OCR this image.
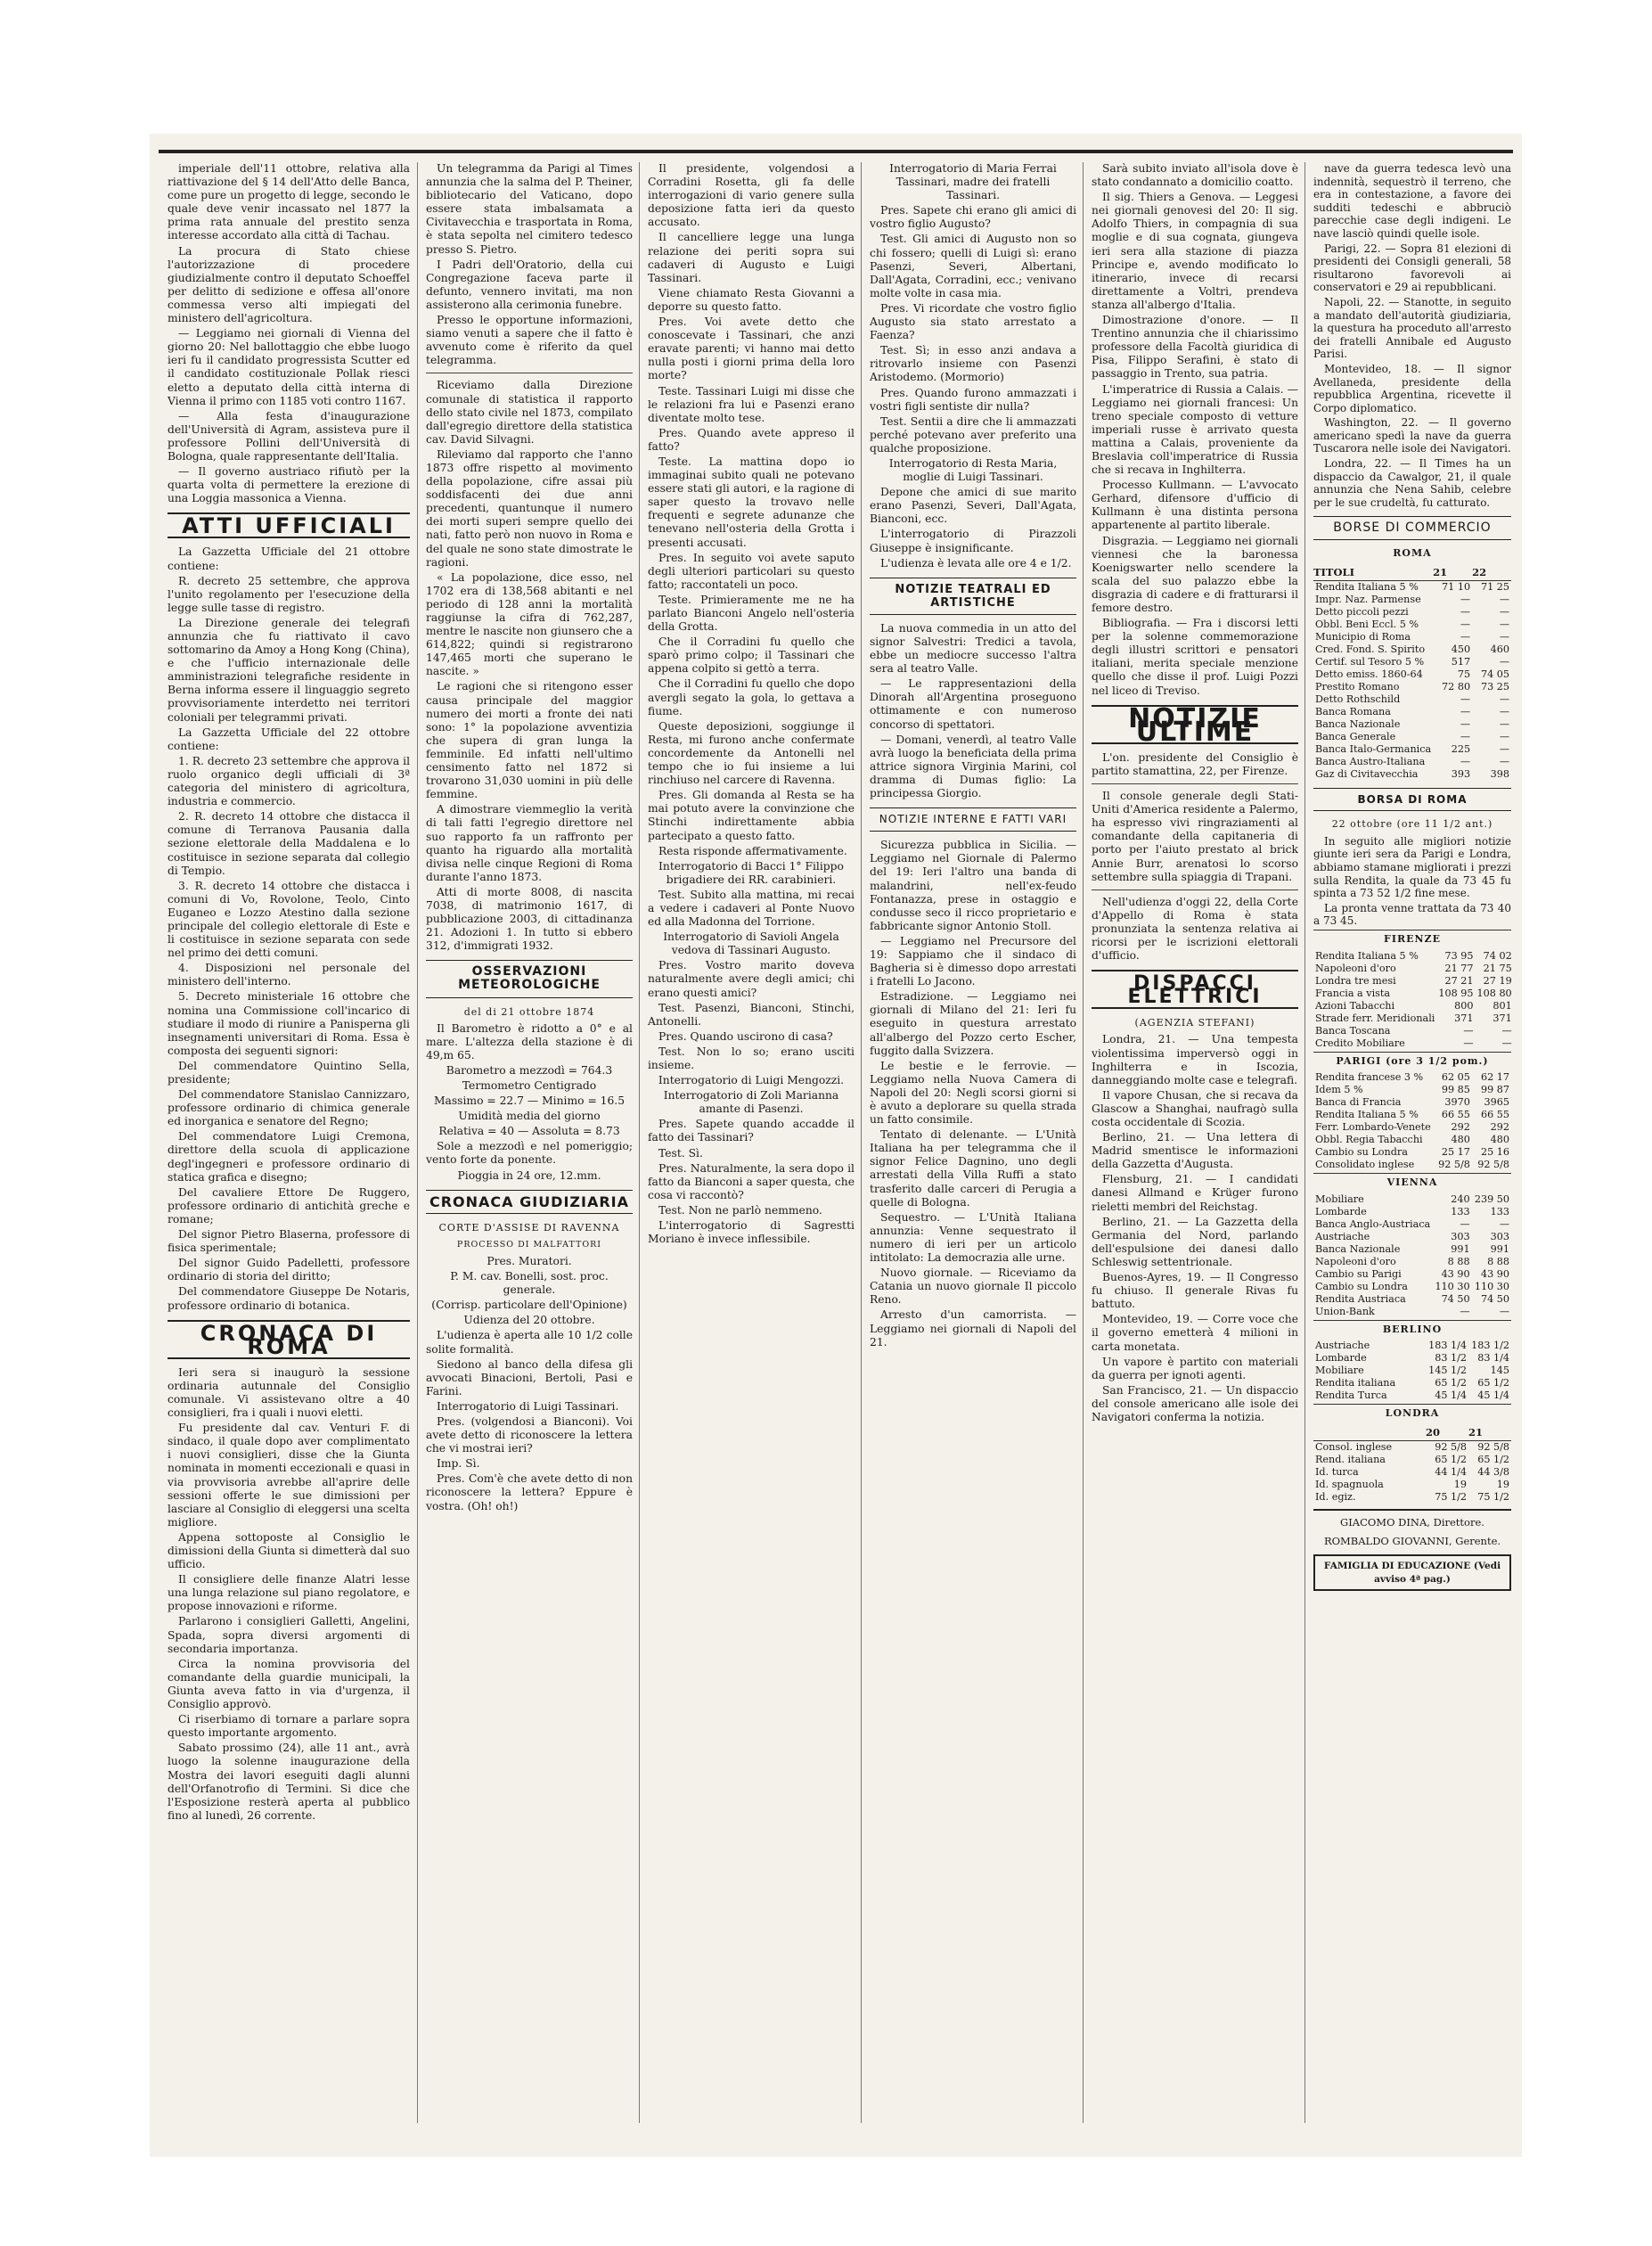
imperiale dell'11 ottobre, relativa alla riattivazione del § 14 dell'Atto delle Banca, come pure un progetto di legge, secondo le quale deve venir incassato nel 1877 la prima rata annuale del prestito senza interesse accordato alla città di Tachau.

La procura di Stato chiese l'autorizzazione di procedere giudizialmente contro il deputato Schoeffel per delitto di sedizione e offesa all'onore commessa verso alti impiegati del ministero dell'agricoltura.

— Leggiamo nei giornali di Vienna del giorno 20: Nel ballottaggio che ebbe luogo ieri fu il candidato progressista Scutter ed il candidato costituzionale Pollak riesci eletto a deputato della città interna di Vienna il primo con 1185 voti contro 1167.

— Alla festa d'inaugurazione dell'Università di Agram, assisteva pure il professore Pollini dell'Università di Bologna, quale rappresentante dell'Italia.

— Il governo austriaco rifiutò per la quarta volta di permettere la erezione di una Loggia massonica a Vienna.

ATTI UFFICIALI

La Gazzetta Ufficiale del 21 ottobre contiene:

R. decreto 25 settembre, che approva l'unito regolamento per l'esecuzione della legge sulle tasse di registro.

La Direzione generale dei telegrafi annunzia che fu riattivato il cavo sottomarino da Amoy a Hong Kong (China), e che l'ufficio internazionale delle amministrazioni telegrafiche residente in Berna informa essere il linguaggio segreto provvisoriamente interdetto nei territori coloniali per telegrammi privati.

La Gazzetta Ufficiale del 22 ottobre contiene:

1. R. decreto 23 settembre che approva il ruolo organico degli ufficiali di 3ª categoria del ministero di agricoltura, industria e commercio.

2. R. decreto 14 ottobre che distacca il comune di Terranova Pausania dalla sezione elettorale della Maddalena e lo costituisce in sezione separata dal collegio di Tempio.

3. R. decreto 14 ottobre che distacca i comuni di Vo, Rovolone, Teolo, Cinto Euganeo e Lozzo Atestino dalla sezione principale del collegio elettorale di Este e li costituisce in sezione separata con sede nel primo dei detti comuni.

4. Disposizioni nel personale del ministero dell'interno.

5. Decreto ministeriale 16 ottobre che nomina una Commissione coll'incarico di studiare il modo di riunire a Panisperna gli insegnamenti universitari di Roma. Essa è composta dei seguenti signori:

Del commendatore Quintino Sella, presidente;

Del commendatore Stanislao Cannizzaro, professore ordinario di chimica generale ed inorganica e senatore del Regno;

Del commendatore Luigi Cremona, direttore della scuola di applicazione degl'ingegneri e professore ordinario di statica grafica e disegno;

Del cavaliere Ettore De Ruggero, professore ordinario di antichità greche e romane;

Del signor Pietro Blaserna, professore di fisica sperimentale;

Del signor Guido Padelletti, professore ordinario di storia del diritto;

Del commendatore Giuseppe De Notaris, professore ordinario di botanica.

CRONACA DI ROMA

Ieri sera si inaugurò la sessione ordinaria autunnale del Consiglio comunale. Vi assistevano oltre a 40 consiglieri, fra i quali i nuovi eletti.

Fu presidente dal cav. Venturi F. di sindaco, il quale dopo aver complimentato i nuovi consiglieri, disse che la Giunta nominata in momenti eccezionali e quasi in via provvisoria avrebbe all'aprire delle sessioni offerte le sue dimissioni per lasciare al Consiglio di eleggersi una scelta migliore.

Appena sottoposte al Consiglio le dimissioni della Giunta si dimetterà dal suo ufficio.

Il consigliere delle finanze Alatri lesse una lunga relazione sul piano regolatore, e propose innovazioni e riforme.

Parlarono i consiglieri Galletti, Angelini, Spada, sopra diversi argomenti di secondaria importanza.

Circa la nomina provvisoria del comandante della guardie municipali, la Giunta aveva fatto in via d'urgenza, il Consiglio approvò.

Ci riserbiamo di tornare a parlare sopra questo importante argomento.

Sabato prossimo (24), alle 11 ant., avrà luogo la solenne inaugurazione della Mostra dei lavori eseguiti dagli alunni dell'Orfanotrofio di Termini. Si dice che l'Esposizione resterà aperta al pubblico fino al lunedì, 26 corrente.

Un telegramma da Parigi al Times annunzia che la salma del P. Theiner, bibliotecario del Vaticano, dopo essere stata imbalsamata a Civitavecchia e trasportata in Roma, è stata sepolta nel cimitero tedesco presso S. Pietro.

I Padri dell'Oratorio, della cui Congregazione faceva parte il defunto, vennero invitati, ma non assisterono alla cerimonia funebre.

Presso le opportune informazioni, siamo venuti a sapere che il fatto è avvenuto come è riferito da quel telegramma.

Riceviamo dalla Direzione comunale di statistica il rapporto dello stato civile nel 1873, compilato dall'egregio direttore della statistica cav. David Silvagni.

Rileviamo dal rapporto che l'anno 1873 offre rispetto al movimento della popolazione, cifre assai più soddisfacenti dei due anni precedenti, quantunque il numero dei morti superi sempre quello dei nati, fatto però non nuovo in Roma e del quale ne sono state dimostrate le ragioni.

« La popolazione, dice esso, nel 1702 era di 138,568 abitanti e nel periodo di 128 anni la mortalità raggiunse la cifra di 762,287, mentre le nascite non giunsero che a 614,822; quindi si registrarono 147,465 morti che superano le nascite. »

Le ragioni che si ritengono esser causa principale del maggior numero dei morti a fronte dei nati sono: 1° la popolazione avventizia che supera di gran lunga la femminile. Ed infatti nell'ultimo censimento fatto nel 1872 si trovarono 31,030 uomini in più delle femmine.

A dimostrare viemmeglio la verità di tali fatti l'egregio direttore nel suo rapporto fa un raffronto per quanto ha riguardo alla mortalità divisa nelle cinque Regioni di Roma durante l'anno 1873.

Atti di morte 8008, di nascita 7038, di matrimonio 1617, di pubblicazione 2003, di cittadinanza 21. Adozioni 1. In tutto si ebbero 312, d'immigrati 1932.

OSSERVAZIONI METEOROLOGICHE
del di 21 ottobre 1874

Il Barometro è ridotto a 0° e al mare. L'altezza della stazione è di 49,m 65.

Barometro a mezzodì = 764.3

Termometro Centigrado

Massimo = 22.7 — Minimo = 16.5

Umidità media del giorno

Relativa = 40 — Assoluta = 8.73

Sole a mezzodì e nel pomeriggio; vento forte da ponente.

Pioggia in 24 ore, 12.mm.

CRONACA GIUDIZIARIA
CORTE D'ASSISE DI RAVENNA
PROCESSO DI MALFATTORI

Pres. Muratori.

P. M. cav. Bonelli, sost. proc. generale.

(Corrisp. particolare dell'Opinione)

Udienza del 20 ottobre.

L'udienza è aperta alle 10 1/2 colle solite formalità.

Siedono al banco della difesa gli avvocati Binacioni, Bertoli, Pasi e Farini.

Interrogatorio di Luigi Tassinari.

Pres. (volgendosi a Bianconi). Voi avete detto di riconoscere la lettera che vi mostrai ieri?

Imp. Sì.

Pres. Com'è che avete detto di non riconoscere la lettera? Eppure è vostra. (Oh! oh!)

Il presidente, volgendosi a Corradini Rosetta, gli fa delle interrogazioni di vario genere sulla deposizione fatta ieri da questo accusato.

Il cancelliere legge una lunga relazione dei periti sopra sui cadaveri di Augusto e Luigi Tassinari.

Viene chiamato Resta Giovanni a deporre su questo fatto.

Pres. Voi avete detto che conoscevate i Tassinari, che anzi eravate parenti; vi hanno mai detto nulla posti i giorni prima della loro morte?

Teste. Tassinari Luigi mi disse che le relazioni fra lui e Pasenzi erano diventate molto tese.

Pres. Quando avete appreso il fatto?

Teste. La mattina dopo io immaginai subito quali ne potevano essere stati gli autori, e la ragione di saper questo la trovavo nelle frequenti e segrete adunanze che tenevano nell'osteria della Grotta i presenti accusati.

Pres. In seguito voi avete saputo degli ulteriori particolari su questo fatto; raccontateli un poco.

Teste. Primieramente me ne ha parlato Bianconi Angelo nell'osteria della Grotta.

Che il Corradini fu quello che sparò primo colpo; il Tassinari che appena colpito si gettò a terra.

Che il Corradini fu quello che dopo avergli segato la gola, lo gettava a fiume.

Queste deposizioni, soggiunge il Resta, mi furono anche confermate concordemente da Antonelli nel tempo che io fui insieme a lui rinchiuso nel carcere di Ravenna.

Pres. Gli domanda al Resta se ha mai potuto avere la convinzione che Stinchi indirettamente abbia partecipato a questo fatto.

Resta risponde affermativamente.

Interrogatorio di Bacci 1° Filippo brigadiere dei RR. carabinieri.

Test. Subito alla mattina, mi recai a vedere i cadaveri al Ponte Nuovo ed alla Madonna del Torrione.

Interrogatorio di Savioli Angela vedova di Tassinari Augusto.

Pres. Vostro marito doveva naturalmente avere degli amici; chi erano questi amici?

Test. Pasenzi, Bianconi, Stinchi, Antonelli.

Pres. Quando uscirono di casa?

Test. Non lo so; erano usciti insieme.

Interrogatorio di Luigi Mengozzi.

Interrogatorio di Zoli Marianna amante di Pasenzi.

Pres. Sapete quando accadde il fatto dei Tassinari?

Test. Sì.

Pres. Naturalmente, la sera dopo il fatto da Bianconi a saper questa, che cosa vi raccontò?

Test. Non ne parlò nemmeno.

L'interrogatorio di Sagrestti Moriano è invece inflessibile.

Interrogatorio di Maria Ferrai Tassinari, madre dei fratelli Tassinari.

Pres. Sapete chi erano gli amici di vostro figlio Augusto?

Test. Gli amici di Augusto non so chi fossero; quelli di Luigi sì: erano Pasenzi, Severi, Albertani, Dall'Agata, Corradini, ecc.; venivano molte volte in casa mia.

Pres. Vi ricordate che vostro figlio Augusto sia stato arrestato a Faenza?

Test. Sì; in esso anzi andava a ritrovarlo insieme con Pasenzi Aristodemo. (Mormorio)

Pres. Quando furono ammazzati i vostri figli sentiste dir nulla?

Test. Sentii a dire che li ammazzati perché potevano aver preferito una qualche proposizione.

Interrogatorio di Resta Maria, moglie di Luigi Tassinari.

Depone che amici di sue marito erano Pasenzi, Severi, Dall'Agata, Bianconi, ecc.

L'interrogatorio di Pirazzoli Giuseppe è insignificante.

L'udienza è levata alle ore 4 e 1/2.

NOTIZIE TEATRALI ED ARTISTICHE

La nuova commedia in un atto del signor Salvestri: Tredici a tavola, ebbe un mediocre successo l'altra sera al teatro Valle.

— Le rappresentazioni della Dinorah all'Argentina proseguono ottimamente e con numeroso concorso di spettatori.

— Domani, venerdì, al teatro Valle avrà luogo la beneficiata della prima attrice signora Virginia Marini, col dramma di Dumas figlio: La principessa Giorgio.

NOTIZIE INTERNE E FATTI VARI

Sicurezza pubblica in Sicilia. — Leggiamo nel Giornale di Palermo del 19: Ieri l'altro una banda di malandrini, nell'ex-feudo Fontanazza, prese in ostaggio e condusse seco il ricco proprietario e fabbricante signor Antonio Stoll.

— Leggiamo nel Precursore del 19: Sappiamo che il sindaco di Bagheria si è dimesso dopo arrestati i fratelli Lo Jacono.

Estradizione. — Leggiamo nei giornali di Milano del 21: Ieri fu eseguito in questura arrestato all'albergo del Pozzo certo Escher, fuggito dalla Svizzera.

Le bestie e le ferrovie. — Leggiamo nella Nuova Camera di Napoli del 20: Negli scorsi giorni si è avuto a deplorare su quella strada un fatto consimile.

Tentato di delenante. — L'Unità Italiana ha per telegramma che il signor Felice Dagnino, uno degli arrestati della Villa Ruffi a stato trasferito dalle carceri di Perugia a quelle di Bologna.

Sequestro. — L'Unità Italiana annunzia: Venne sequestrato il numero di ieri per un articolo intitolato: La democrazia alle urne.

Nuovo giornale. — Riceviamo da Catania un nuovo giornale Il piccolo Reno.

Arresto d'un camorrista. — Leggiamo nei giornali di Napoli del 21.

Sarà subito inviato all'isola dove è stato condannato a domicilio coatto.

Il sig. Thiers a Genova. — Leggesi nei giornali genovesi del 20: Il sig. Adolfo Thiers, in compagnia di sua moglie e di sua cognata, giungeva ieri sera alla stazione di piazza Principe e, avendo modificato lo itinerario, invece di recarsi direttamente a Voltri, prendeva stanza all'albergo d'Italia.

Dimostrazione d'onore. — Il Trentino annunzia che il chiarissimo professore della Facoltà giuridica di Pisa, Filippo Serafini, è stato di passaggio in Trento, sua patria.

L'imperatrice di Russia a Calais. — Leggiamo nei giornali francesi: Un treno speciale composto di vetture imperiali russe è arrivato questa mattina a Calais, proveniente da Breslavia coll'imperatrice di Russia che si recava in Inghilterra.

Processo Kullmann. — L'avvocato Gerhard, difensore d'ufficio di Kullmann è una distinta persona appartenente al partito liberale.

Disgrazia. — Leggiamo nei giornali viennesi che la baronessa Koenigswarter nello scendere la scala del suo palazzo ebbe la disgrazia di cadere e di fratturarsi il femore destro.

Bibliografia. — Fra i discorsi letti per la solenne commemorazione degli illustri scrittori e pensatori italiani, merita speciale menzione quello che disse il prof. Luigi Pozzi nel liceo di Treviso.

NOTIZIE ULTIME

L'on. presidente del Consiglio è partito stamattina, 22, per Firenze.

Il console generale degli Stati-Uniti d'America residente a Palermo, ha espresso vivi ringraziamenti al comandante della capitaneria di porto per l'aiuto prestato al brick Annie Burr, arenatosi lo scorso settembre sulla spiaggia di Trapani.

Nell'udienza d'oggi 22, della Corte d'Appello di Roma è stata pronunziata la sentenza relativa ai ricorsi per le iscrizioni elettorali d'ufficio.

DISPACCI ELETTRICI
(AGENZIA STEFANI)

Londra, 21. — Una tempesta violentissima imperversò oggi in Inghilterra e in Iscozia, danneggiando molte case e telegrafi.

Il vapore Chusan, che si recava da Glascow a Shanghai, naufragò sulla costa occidentale di Scozia.

Berlino, 21. — Una lettera di Madrid smentisce le informazioni della Gazzetta d'Augusta.

Flensburg, 21. — I candidati danesi Allmand e Krüger furono rieletti membri del Reichstag.

Berlino, 21. — La Gazzetta della Germania del Nord, parlando dell'espulsione dei danesi dallo Schleswig settentrionale.

Buenos-Ayres, 19. — Il Congresso fu chiuso. Il generale Rivas fu battuto.

Montevideo, 19. — Corre voce che il governo emetterà 4 milioni in carta monetata.

Un vapore è partito con materiali da guerra per ignoti agenti.

San Francisco, 21. — Un dispaccio del console americano alle isole dei Navigatori conferma la notizia.

nave da guerra tedesca levò una indennità, sequestrò il terreno, che era in contestazione, a favore dei sudditi tedeschi e abbruciò parecchie case degli indigeni. Le nave lasciò quindi quelle isole.

Parigi, 22. — Sopra 81 elezioni di presidenti dei Consigli generali, 58 risultarono favorevoli ai conservatori e 29 ai repubblicani.

Napoli, 22. — Stanotte, in seguito a mandato dell'autorità giudiziaria, la questura ha proceduto all'arresto dei fratelli Annibale ed Augusto Parisi.

Montevideo, 18. — Il signor Avellaneda, presidente della repubblica Argentina, ricevette il Corpo diplomatico.

Washington, 22. — Il governo americano spedì la nave da guerra Tuscarora nelle isole dei Navigatori.

Londra, 22. — Il Times ha un dispaccio da Cawalgor, 21, il quale annunzia che Nena Sahib, celebre per le sue crudeltà, fu catturato.

BORSE DI COMMERCIO
ROMA
TITOLI	21	22
Rendita Italiana 5 %	71 10	71 25
Impr. Naz. Parmense	—	—
Detto piccoli pezzi	—	—
Obbl. Beni Eccl. 5 %	—	—
Municipio di Roma	—	—
Cred. Fond. S. Spirito	450	460
Certif. sul Tesoro 5 %	517	—
Detto emiss. 1860-64	75	74 05
Prestito Romano	72 80	73 25
Detto Rothschild	—	—
Banca Romana	—	—
Banca Nazionale	—	—
Banca Generale	—	—
Banca Italo-Germanica	225	—
Banca Austro-Italiana	—	—
Gaz di Civitavecchia	393	398
BORSA DI ROMA
22 ottobre (ore 11 1/2 ant.)

In seguito alle migliori notizie giunte ieri sera da Parigi e Londra, abbiamo stamane migliorati i prezzi sulla Rendita, la quale da 73 45 fu spinta a 73 52 1/2 fine mese.

La pronta venne trattata da 73 40 a 73 45.

FIRENZE
Rendita Italiana 5 %	73 95	74 02
Napoleoni d'oro	21 77	21 75
Londra tre mesi	27 21	27 19
Francia a vista	108 95	108 80
Azioni Tabacchi	800	801
Strade ferr. Meridionali	371	371
Banca Toscana	—	—
Credito Mobiliare	—	—
PARIGI (ore 3 1/2 pom.)
Rendita francese 3 %	62 05	62 17
Idem 5 %	99 85	99 87
Banca di Francia	3970	3965
Rendita Italiana 5 %	66 55	66 55
Ferr. Lombardo-Venete	292	292
Obbl. Regia Tabacchi	480	480
Cambio su Londra	25 17	25 16
Consolidato inglese	92 5/8	92 5/8
VIENNA
Mobiliare	240	239 50
Lombarde	133	133
Banca Anglo-Austriaca	—	—
Austriache	303	303
Banca Nazionale	991	991
Napoleoni d'oro	8 88	8 88
Cambio su Parigi	43 90	43 90
Cambio su Londra	110 30	110 30
Rendita Austriaca	74 50	74 50
Union-Bank	—	—
BERLINO
Austriache	183 1/4	183 1/2
Lombarde	83 1/2	83 1/4
Mobiliare	145 1/2	145
Rendita italiana	65 1/2	65 1/2
Rendita Turca	45 1/4	45 1/4
LONDRA
	20	21
Consol. inglese	92 5/8	92 5/8
Rend. italiana	65 1/2	65 1/2
Id. turca	44 1/4	44 3/8
Id. spagnuola	19	19
Id. egiz.	75 1/2	75 1/2
GIACOMO DINA, Direttore.
ROMBALDO GIOVANNI, Gerente.
FAMIGLIA DI EDUCAZIONE (Vedi avviso 4ª pag.)
